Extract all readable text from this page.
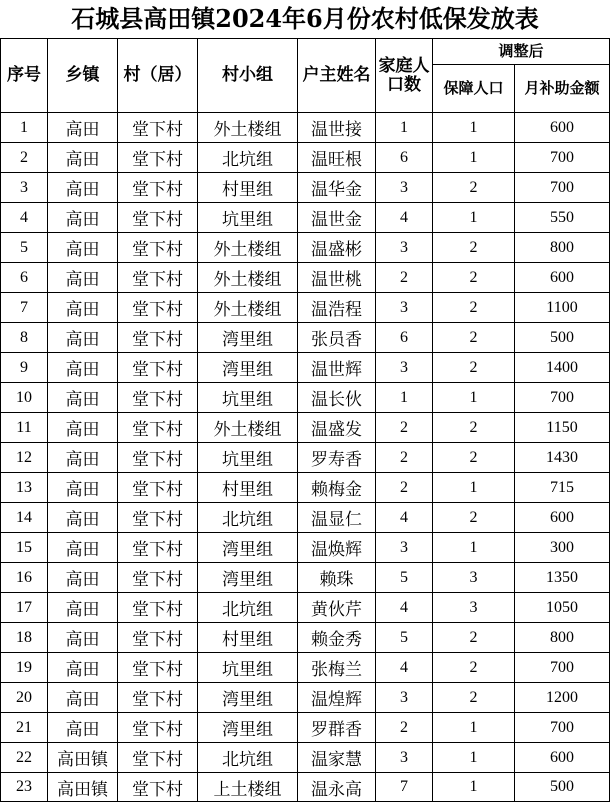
石城县高田镇2024年6月份农村低保发放表
序号	乡镇	村（居）	村小组	户主姓名	家庭人口数	调整后	
						保障人口	月补助金额
1	高田	堂下村	外土楼组	温世接	1	1	600
2	高田	堂下村	北坑组	温旺根	6	1	700
3	高田	堂下村	村里组	温华金	3	2	700
4	高田	堂下村	坑里组	温世金	4	1	550
5	高田	堂下村	外土楼组	温盛彬	3	2	800
6	高田	堂下村	外土楼组	温世桃	2	2	600
7	高田	堂下村	外土楼组	温浩程	3	2	1100
8	高田	堂下村	湾里组	张员香	6	2	500
9	高田	堂下村	湾里组	温世辉	3	2	1400
10	高田	堂下村	坑里组	温长伙	1	1	700
11	高田	堂下村	外土楼组	温盛发	2	2	1150
12	高田	堂下村	坑里组	罗寿香	2	2	1430
13	高田	堂下村	村里组	赖梅金	2	1	715
14	高田	堂下村	北坑组	温显仁	4	2	600
15	高田	堂下村	湾里组	温焕辉	3	1	300
16	高田	堂下村	湾里组	赖珠	5	3	1350
17	高田	堂下村	北坑组	黄伙芹	4	3	1050
18	高田	堂下村	村里组	赖金秀	5	2	800
19	高田	堂下村	坑里组	张梅兰	4	2	700
20	高田	堂下村	湾里组	温煌辉	3	2	1200
21	高田	堂下村	湾里组	罗群香	2	1	700
22	高田镇	堂下村	北坑组	温家慧	3	1	600
23	高田镇	堂下村	上土楼组	温永高	7	1	500
